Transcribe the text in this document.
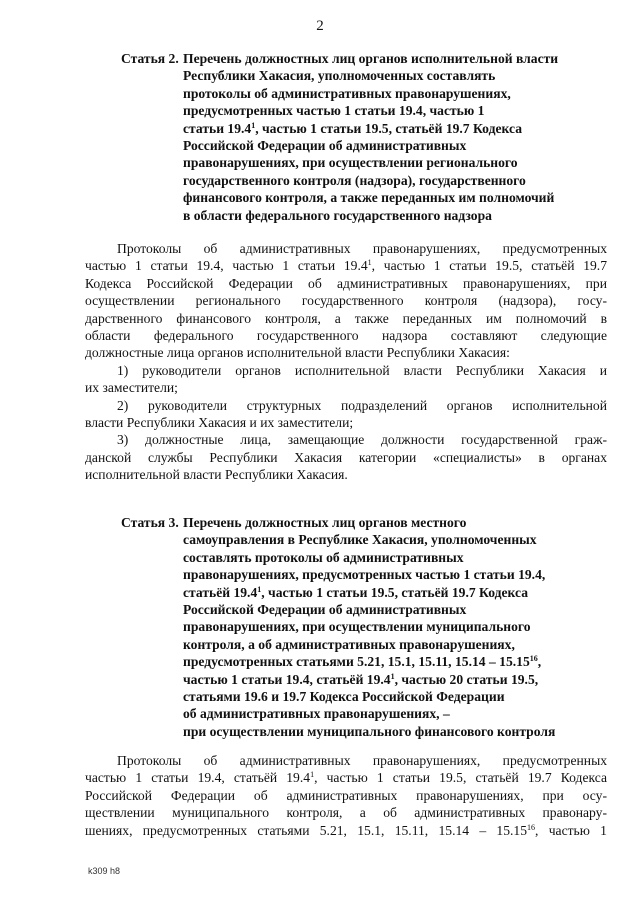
2
Статья 2. Перечень должностных лиц органов исполнительной власти
Республики Хакасия, уполномоченных составлять
протоколы об административных правонарушениях,
предусмотренных частью 1 статьи 19.4, частью 1
статьи 19.4$^1$, частью 1 статьи 19.5, статьёй 19.7 Кодекса
Российской Федерации об административных
правонарушениях, при осуществлении регионального
государственного контроля (надзора), государственного
финансового контроля, а также переданных им полномочий
в области федерального государственного надзора
Протоколы об административных правонарушениях, предусмотренных
частью 1 статьи 19.4, частью 1 статьи 19.4$^1$, частью 1 статьи 19.5, статьёй 19.7
Кодекса Российской Федерации об административных правонарушениях, при
осуществлении регионального государственного контроля (надзора), госу-
дарственного финансового контроля, а также переданных им полномочий в
области федерального государственного надзора составляют следующие
должностные лица органов исполнительной власти Республики Хакасия:
1) руководители органов исполнительной власти Республики Хакасия и
их заместители;
2) руководители структурных подразделений органов исполнительной
власти Республики Хакасия и их заместители;
3) должностные лица, замещающие должности государственной граж-
данской службы Республики Хакасия категории «специалисты» в органах
исполнительной власти Республики Хакасия.
Статья 3. Перечень должностных лиц органов местного
самоуправления в Республике Хакасия, уполномоченных
составлять протоколы об административных
правонарушениях, предусмотренных частью 1 статьи 19.4,
статьёй 19.4$^1$, частью 1 статьи 19.5, статьёй 19.7 Кодекса
Российской Федерации об административных
правонарушениях, при осуществлении муниципального
контроля, а об административных правонарушениях,
предусмотренных статьями 5.21, 15.1, 15.11, 15.14 – 15.15$^{16}$,
частью 1 статьи 19.4, статьёй 19.4$^1$, частью 20 статьи 19.5,
статьями 19.6 и 19.7 Кодекса Российской Федерации
об административных правонарушениях, –
при осуществлении муниципального финансового контроля
Протоколы об административных правонарушениях, предусмотренных
частью 1 статьи 19.4, статьёй 19.4$^1$, частью 1 статьи 19.5, статьёй 19.7 Кодекса
Российской Федерации об административных правонарушениях, при осу-
ществлении муниципального контроля, а об административных правонару-
шениях, предусмотренных статьями 5.21, 15.1, 15.11, 15.14 – 15.15$^{16}$, частью 1
k309 h8
